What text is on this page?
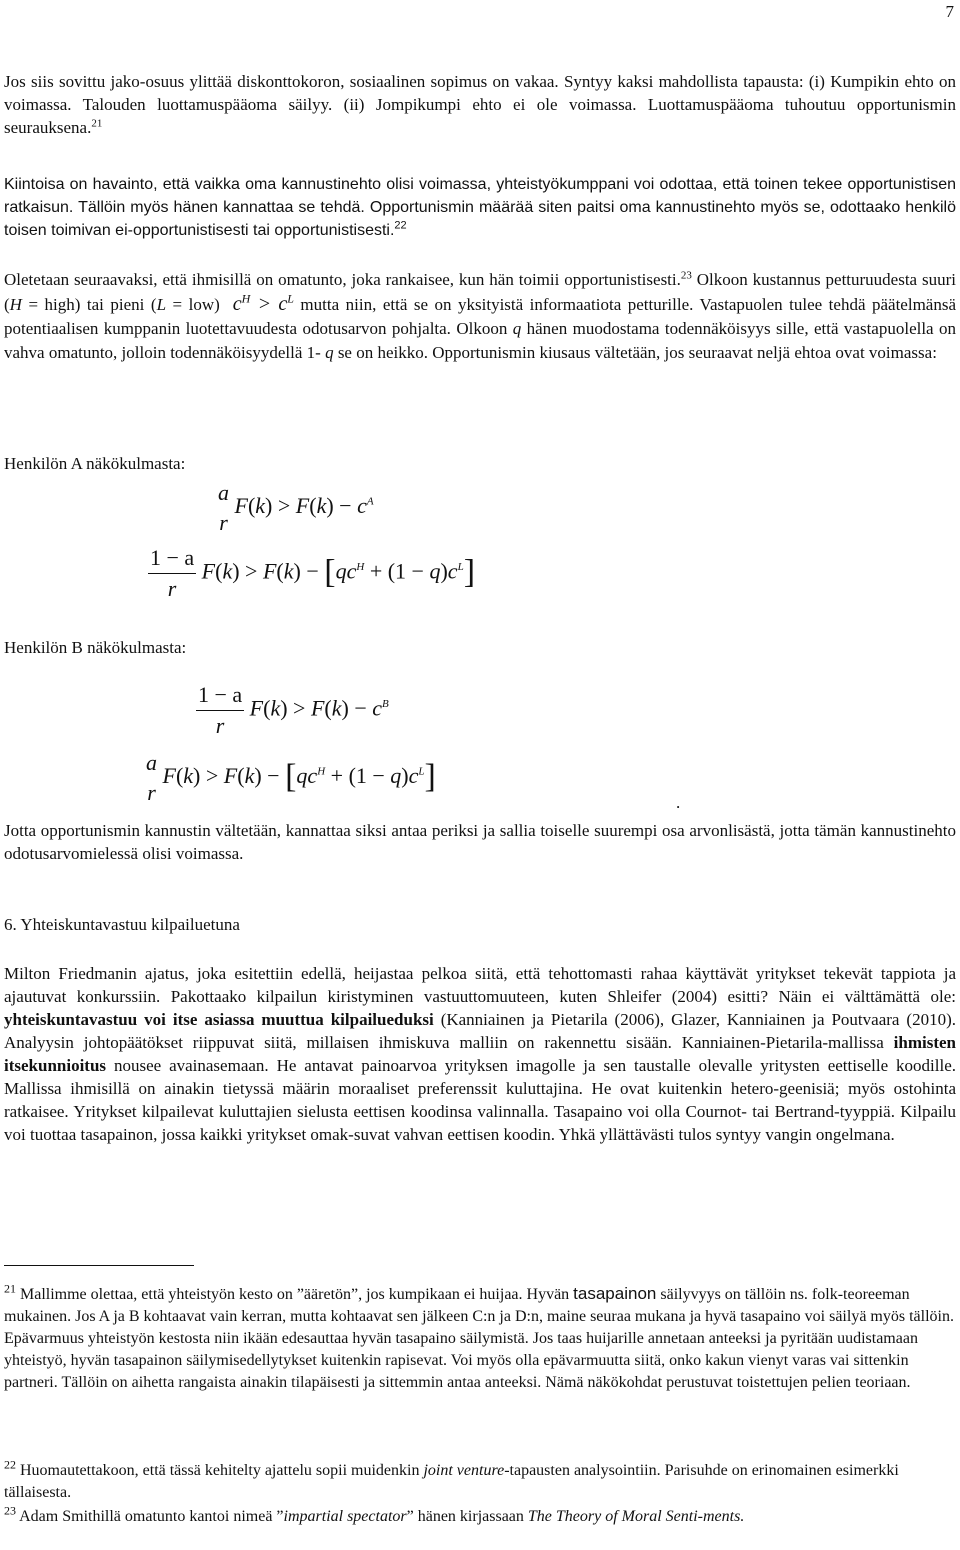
7

Jos siis sovittu jako-osuus ylittää diskonttokoron, sosiaalinen sopimus on vakaa. Syntyy kaksi mahdollista tapausta: (i) Kumpikin ehto on voimassa. Talouden luottamuspääoma säilyy. (ii) Jompikumpi ehto ei ole voimassa. Luottamuspääoma tuhoutuu opportunismin seurauksena.$^{21}$

Kiintoisa on havainto, että vaikka oma kannustinehto olisi voimassa, yhteistyökumppani voi odottaa, että toinen tekee opportunistisen ratkaisun. Tällöin myös hänen kannattaa se tehdä. Opportunismin määrää siten paitsi oma kannustinehto myös se, odottaako henkilö toisen toimivan ei-opportunistisesti tai opportunistisesti.$^{22}$

Oletetaan seuraavaksi, että ihmisillä on omatunto, joka rankaisee, kun hän toimii opportunistisesti.$^{23}$ Olkoon kustannus petturuudesta suuri (H = high) tai pieni (L = low) $c^H > c^L$ mutta niin, että se on yksityistä informaatiota petturille. Vastapuolen tulee tehdä päätelmänsä potentiaalisen kumppanin luotettavuudesta odotusarvon pohjalta. Olkoon q hänen muodostama todennäköisyys sille, että vastapuolella on vahva omatunto, jolloin todennäköisyydellä 1- q se on heikko. Opportunismin kiusaus vältetään, jos seuraavat neljä ehtoa ovat voimassa:

Henkilön A näkökulmasta:

a
r
$F(k) > F(k) - c^A$
$\frac{1 - a}{r} F(k) > F(k) - [qc^H + (1 - q)c^L]$

Henkilön B näkökulmasta:

$\frac{1 - a}{r} F(k) > F(k) - c^B$
a
r
$F(k) > F(k) - [qc^H + (1 - q)c^L]$
.

Jotta opportunismin kannustin vältetään, kannattaa siksi antaa periksi ja sallia toiselle suurempi osa arvonlisästä, jotta tämän kannustinehto odotusarvomielessä olisi voimassa.

6. Yhteiskuntavastuu kilpailuetuna

Milton Friedmanin ajatus, joka esitettiin edellä, heijastaa pelkoa siitä, että tehottomasti rahaa käyttävät yritykset tekevät tappiota ja ajautuvat konkurssiin. Pakottaako kilpailun kiristyminen vastuuttomuuteen, kuten Shleifer (2004) esitti? Näin ei välttämättä ole: yhteiskuntavastuu voi itse asiassa muuttua kilpailueduksi (Kanniainen ja Pietarila (2006), Glazer, Kanniainen ja Poutvaara (2010). Analyysin johtopäätökset riippuvat siitä, millaisen ihmiskuva malliin on rakennettu sisään. Kanniainen-Pietarila-mallissa ihmisten itsekunnioitus nousee avainasemaan. He antavat painoarvoa yrityksen imagolle ja sen taustalle olevalle yritysten eettiselle koodille. Mallissa ihmisillä on ainakin tietyssä määrin moraaliset preferenssit kuluttajina. He ovat kuitenkin hetero-geenisiä; myös ostohinta ratkaisee. Yritykset kilpailevat kuluttajien sielusta eettisen koodinsa valinnalla. Tasapaino voi olla Cournot- tai Bertrand-tyyppiä. Kilpailu voi tuottaa tasapainon, jossa kaikki yritykset omak-suvat vahvan eettisen koodin. Yhkä yllättävästi tulos syntyy vangin ongelmana.

$^{21}$ Mallimme olettaa, että yhteistyön kesto on ”ääretön”, jos kumpikaan ei huijaa. Hyvän tasapainon säilyvyys on tällöin ns. folk-teoreeman mukainen. Jos A ja B kohtaavat vain kerran, mutta kohtaavat sen jälkeen C:n ja D:n, maine seuraa mukana ja hyvä tasapaino voi säilyä myös tällöin. Epävarmuus yhteistyön kestosta niin ikään edesauttaa hyvän tasapaino säilymistä. Jos taas huijarille annetaan anteeksi ja pyritään uudistamaan yhteistyö, hyvän tasapainon säilymisedellytykset kuitenkin rapisevat. Voi myös olla epävarmuutta siitä, onko kakun vienyt varas vai sittenkin partneri. Tällöin on aihetta rangaista ainakin tilapäisesti ja sittemmin antaa anteeksi. Nämä näkökohdat perustuvat toistettujen pelien teoriaan.

$^{22}$ Huomautettakoon, että tässä kehitelty ajattelu sopii muidenkin joint venture-tapausten analysointiin. Parisuhde on erinomainen esimerkki tällaisesta.

$^{23}$ Adam Smithillä omatunto kantoi nimeä ”impartial spectator” hänen kirjassaan The Theory of Moral Senti-ments.
